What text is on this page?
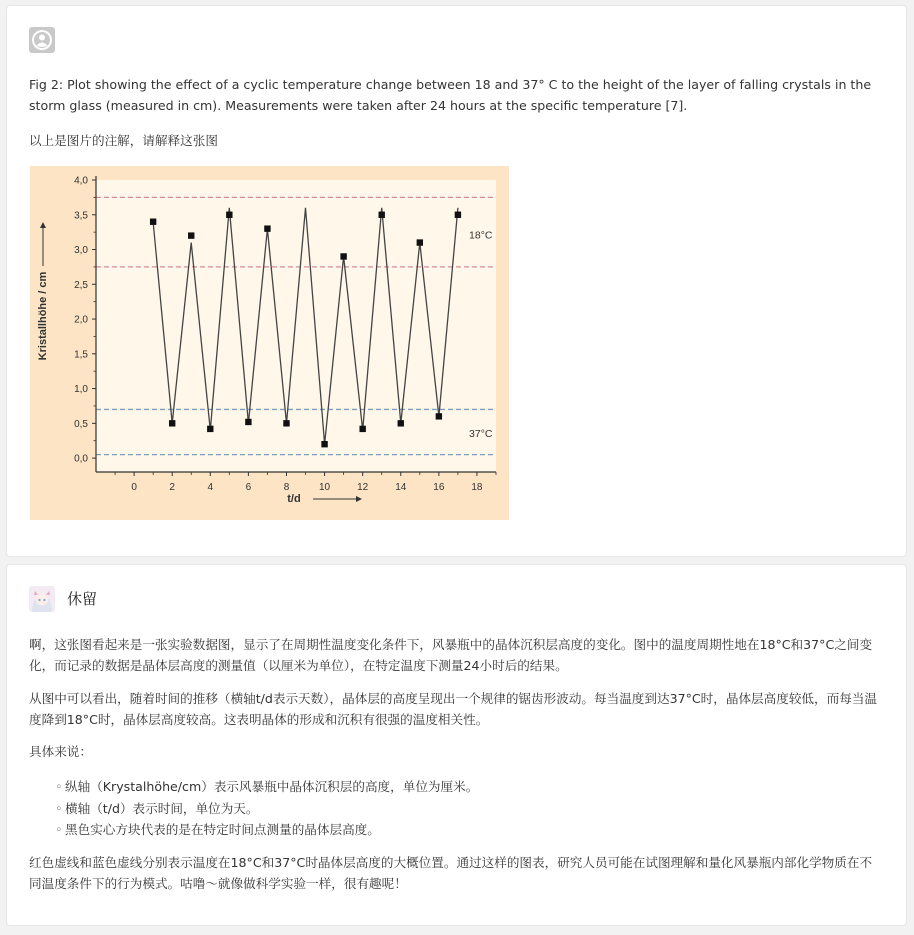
Fig 2: Plot showing the effect of a cyclic temperature change between 18 and 37° C to the height of the layer of falling crystals in the storm glass (measured in cm). Measurements were taken after 24 hours at the specific temperature [7].
以上是图片的注解，请解释这张图
0,0
0,5
1,0
1,5
2,0
2,5
3,0
3,5
4,0
0	2	4	6	8	10	12	14	16	18
t/d
Kristallhöhe / cm
18°C
37°C
休留
啊，这张图看起来是一张实验数据图，显示了在周期性温度变化条件下，风暴瓶中的晶体沉积层高度的变化。图中的温度周期性地在18°C和37°C之间变化，而记录的数据是晶体层高度的测量值（以厘米为单位），在特定温度下测量24小时后的结果。
从图中可以看出，随着时间的推移（横轴t/d表示天数），晶体层的高度呈现出一个规律的锯齿形波动。每当温度到达37°C时，晶体层高度较低，而每当温度降到18°C时，晶体层高度较高。这表明晶体的形成和沉积有很强的温度相关性。
具体来说：
◦ 纵轴（Krystalhöhe/cm）表示风暴瓶中晶体沉积层的高度，单位为厘米。
◦ 横轴（t/d）表示时间，单位为天。
◦ 黑色实心方块代表的是在特定时间点测量的晶体层高度。
红色虚线和蓝色虚线分别表示温度在18°C和37°C时晶体层高度的大概位置。通过这样的图表，研究人员可能在试图理解和量化风暴瓶内部化学物质在不同温度条件下的行为模式。咕噜～就像做科学实验一样，很有趣呢！
